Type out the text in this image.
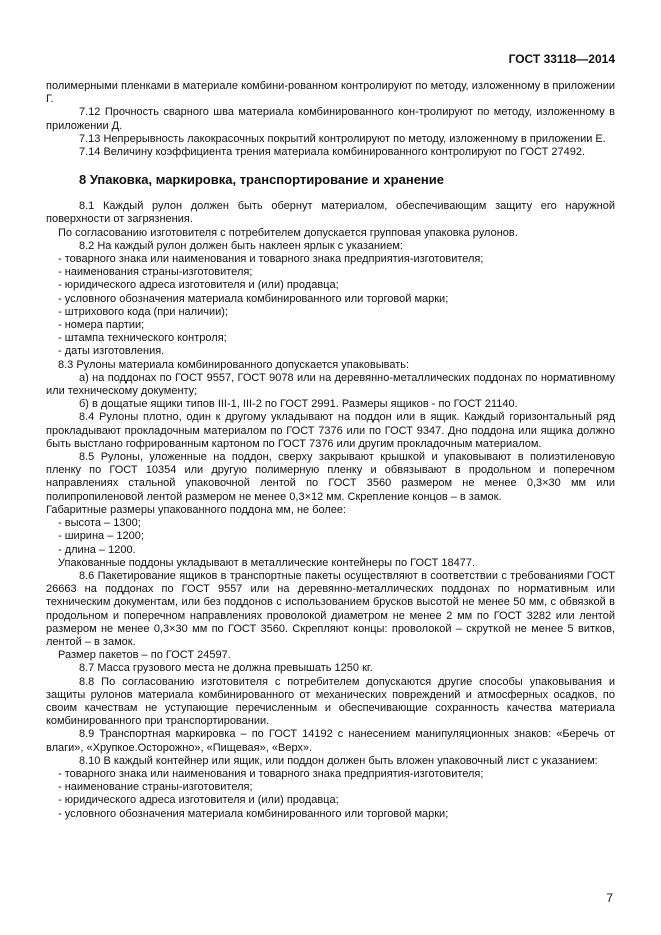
ГОСТ 33118—2014

полимерными пленками в материале комбини-рованном контролируют по методу, изложенному в приложении Г.

7.12 Прочность сварного шва материала комбинированного кон-тролируют по методу, изложенному в приложении Д.

7.13 Непрерывность лакокрасочных покрытий контролируют по методу, изложенному в приложении Е.

7.14 Величину коэффициента трения материала комбинированного контролируют по ГОСТ 27492.

8 Упаковка, маркировка, транспортирование и хранение

8.1 Каждый рулон должен быть обернут материалом, обеспечивающим защиту его наружной поверхности от загрязнения.

По согласованию изготовителя с потребителем допускается групповая упаковка рулонов.

8.2 На каждый рулон должен быть наклеен ярлык с указанием:

- товарного знака или наименования и товарного знака предприятия-изготовителя;

- наименования страны-изготовителя;

- юридического адреса изготовителя и (или) продавца;

- условного обозначения материала комбинированного или торговой марки;

- штрихового кода (при наличии);

- номера партии;

- штампа технического контроля;

- даты изготовления.

8.3 Рулоны материала комбинированного допускается упаковывать:

а) на поддонах по ГОСТ 9557, ГОСТ 9078 или на деревянно-металлических поддонах по нормативному или техническому документу;

б) в дощатые ящики типов III-1, III-2 по ГОСТ 2991. Размеры ящиков - по ГОСТ 21140.

8.4 Рулоны плотно, один к другому укладывают на поддон или в ящик. Каждый горизонтальный ряд прокладывают прокладочным материалом по ГОСТ 7376 или по ГОСТ 9347. Дно поддона или ящика должно быть выстлано гофрированным картоном по ГОСТ 7376 или другим прокладочным материалом.

8.5 Рулоны, уложенные на поддон, сверху закрывают крышкой и упаковывают в полиэтиленовую пленку по ГОСТ 10354 или другую полимерную пленку и обвязывают в продольном и поперечном направлениях стальной упаковочной лентой по ГОСТ 3560 размером не менее 0,3×30 мм или полипропиленовой лентой размером не менее 0,3×12 мм. Скрепление концов – в замок.

Габаритные размеры упакованного поддона мм, не более:

- высота – 1300;

- ширина – 1200;

- длина – 1200.

Упакованные поддоны укладывают в металлические контейнеры по ГОСТ 18477.

8.6 Пакетирование ящиков в транспортные пакеты осуществляют в соответствии с требованиями ГОСТ 26663 на поддонах по ГОСТ 9557 или на деревянно-металлических поддонах по нормативным или техническим документам, или без поддонов с использованием брусков высотой не менее 50 мм, с обвязкой в продольном и поперечном направлениях проволокой диаметром не менее 2 мм по ГОСТ 3282 или лентой размером не менее 0,3×30 мм по ГОСТ 3560. Скрепляют концы: проволокой – скруткой не менее 5 витков, лентой – в замок.

Размер пакетов – по ГОСТ 24597.

8.7 Масса грузового места не должна превышать 1250 кг.

8.8 По согласованию изготовителя с потребителем допускаются другие способы упаковывания и защиты рулонов материала комбинированного от механических повреждений и атмосферных осадков, по своим качествам не уступающие перечисленным и обеспечивающие сохранность качества материала комбинированного при транспортировании.

8.9 Транспортная маркировка – по ГОСТ 14192 с нанесением манипуляционных знаков: «Беречь от влаги», «Хрупкое.Осторожно», «Пищевая», «Верх».

8.10 В каждый контейнер или ящик, или поддон должен быть вложен упаковочный лист с указанием:

- товарного знака или наименования и товарного знака предприятия-изготовителя;

- наименование страны-изготовителя;

- юридического адреса изготовителя и (или) продавца;

- условного обозначения материала комбинированного или торговой марки;

7
